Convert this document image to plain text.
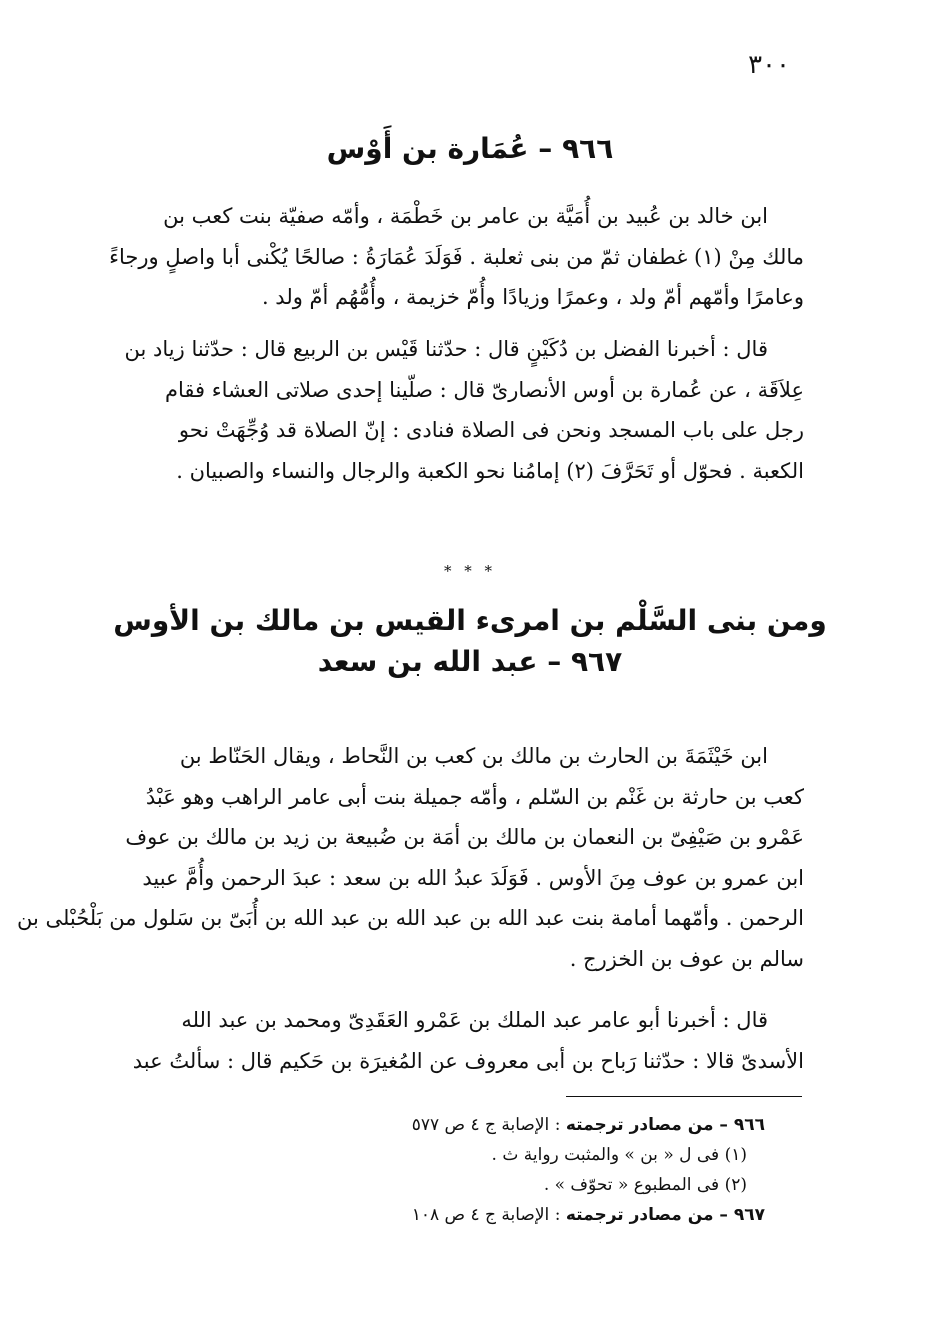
٣٠٠
٩٦٦ – عُمَارة بن أَوْس
ابن خالد بن عُبيد بن أُمَيَّة بن عامر بن خَطْمَة ، وأمّه صفيّة بنت كعب بن
مالك مِنْ (١) غطفان ثمّ من بنى ثعلبة . فَوَلَدَ عُمَارَةُ : صالحًا يُكْنى أبا واصلٍ ورجاءً
وعامرًا وأمّهم أمّ ولد ، وعمرًا وزيادًا وأُمّ خزيمة ، وأُمُّهُم أمّ ولد .
قال : أخبرنا الفضل بن دُكَيْنٍ قال : حدّثنا قَيْس بن الربيع قال : حدّثنا زياد بن
عِلاَقَة ، عن عُمارة بن أوس الأنصارىّ قال : صلّينا إحدى صلاتى العشاء فقام
رجل على باب المسجد ونحن فى الصلاة فنادى : إنّ الصلاة قد وُجِّهَتْ نحو
الكعبة . فحوّل أو تَحَرَّفَ (٢) إمامُنا نحو الكعبة والرجال والنساء والصبيان .
* * *
ومن بنى السَّلْم بن امرىء القيس بن مالك بن الأوس
٩٦٧ – عبد الله بن سعد
ابن خَيْثَمَةَ بن الحارث بن مالك بن كعب بن النَّحاط ، ويقال الحَنّاط بن
كعب بن حارثة بن غَنْم بن السّلم ، وأمّه جميلة بنت أبى عامر الراهب وهو عَبْدُ
عَمْرو بن صَيْفِىّ بن النعمان بن مالك بن أمَة بن ضُبيعة بن زيد بن مالك بن عوف
ابن عمرو بن عوف مِنَ الأوس . فَوَلَدَ عبدُ الله بن سعد : عبدَ الرحمن وأُمَّ عبيد
الرحمن . وأمّهما أمامة بنت عبد الله بن عبد الله بن عبد الله بن أُبَىّ بن سَلول من بَلْحُبْلى بن
سالم بن عوف بن الخزرج .
قال : أخبرنا أبو عامر عبد الملك بن عَمْرو العَقَدِىّ ومحمد بن عبد الله
الأسدىّ قالا : حدّثنا رَباح بن أبى معروف عن المُغيرَة بن حَكيم قال : سألتُ عبد
٩٦٦ – من مصادر ترجمته : الإصابة ج ٤ ص ٥٧٧
(١) فى ل « بن » والمثبت رواية ث .
(٢) فى المطبوع « تحوّف » .
٩٦٧ – من مصادر ترجمته : الإصابة ج ٤ ص ١٠٨
